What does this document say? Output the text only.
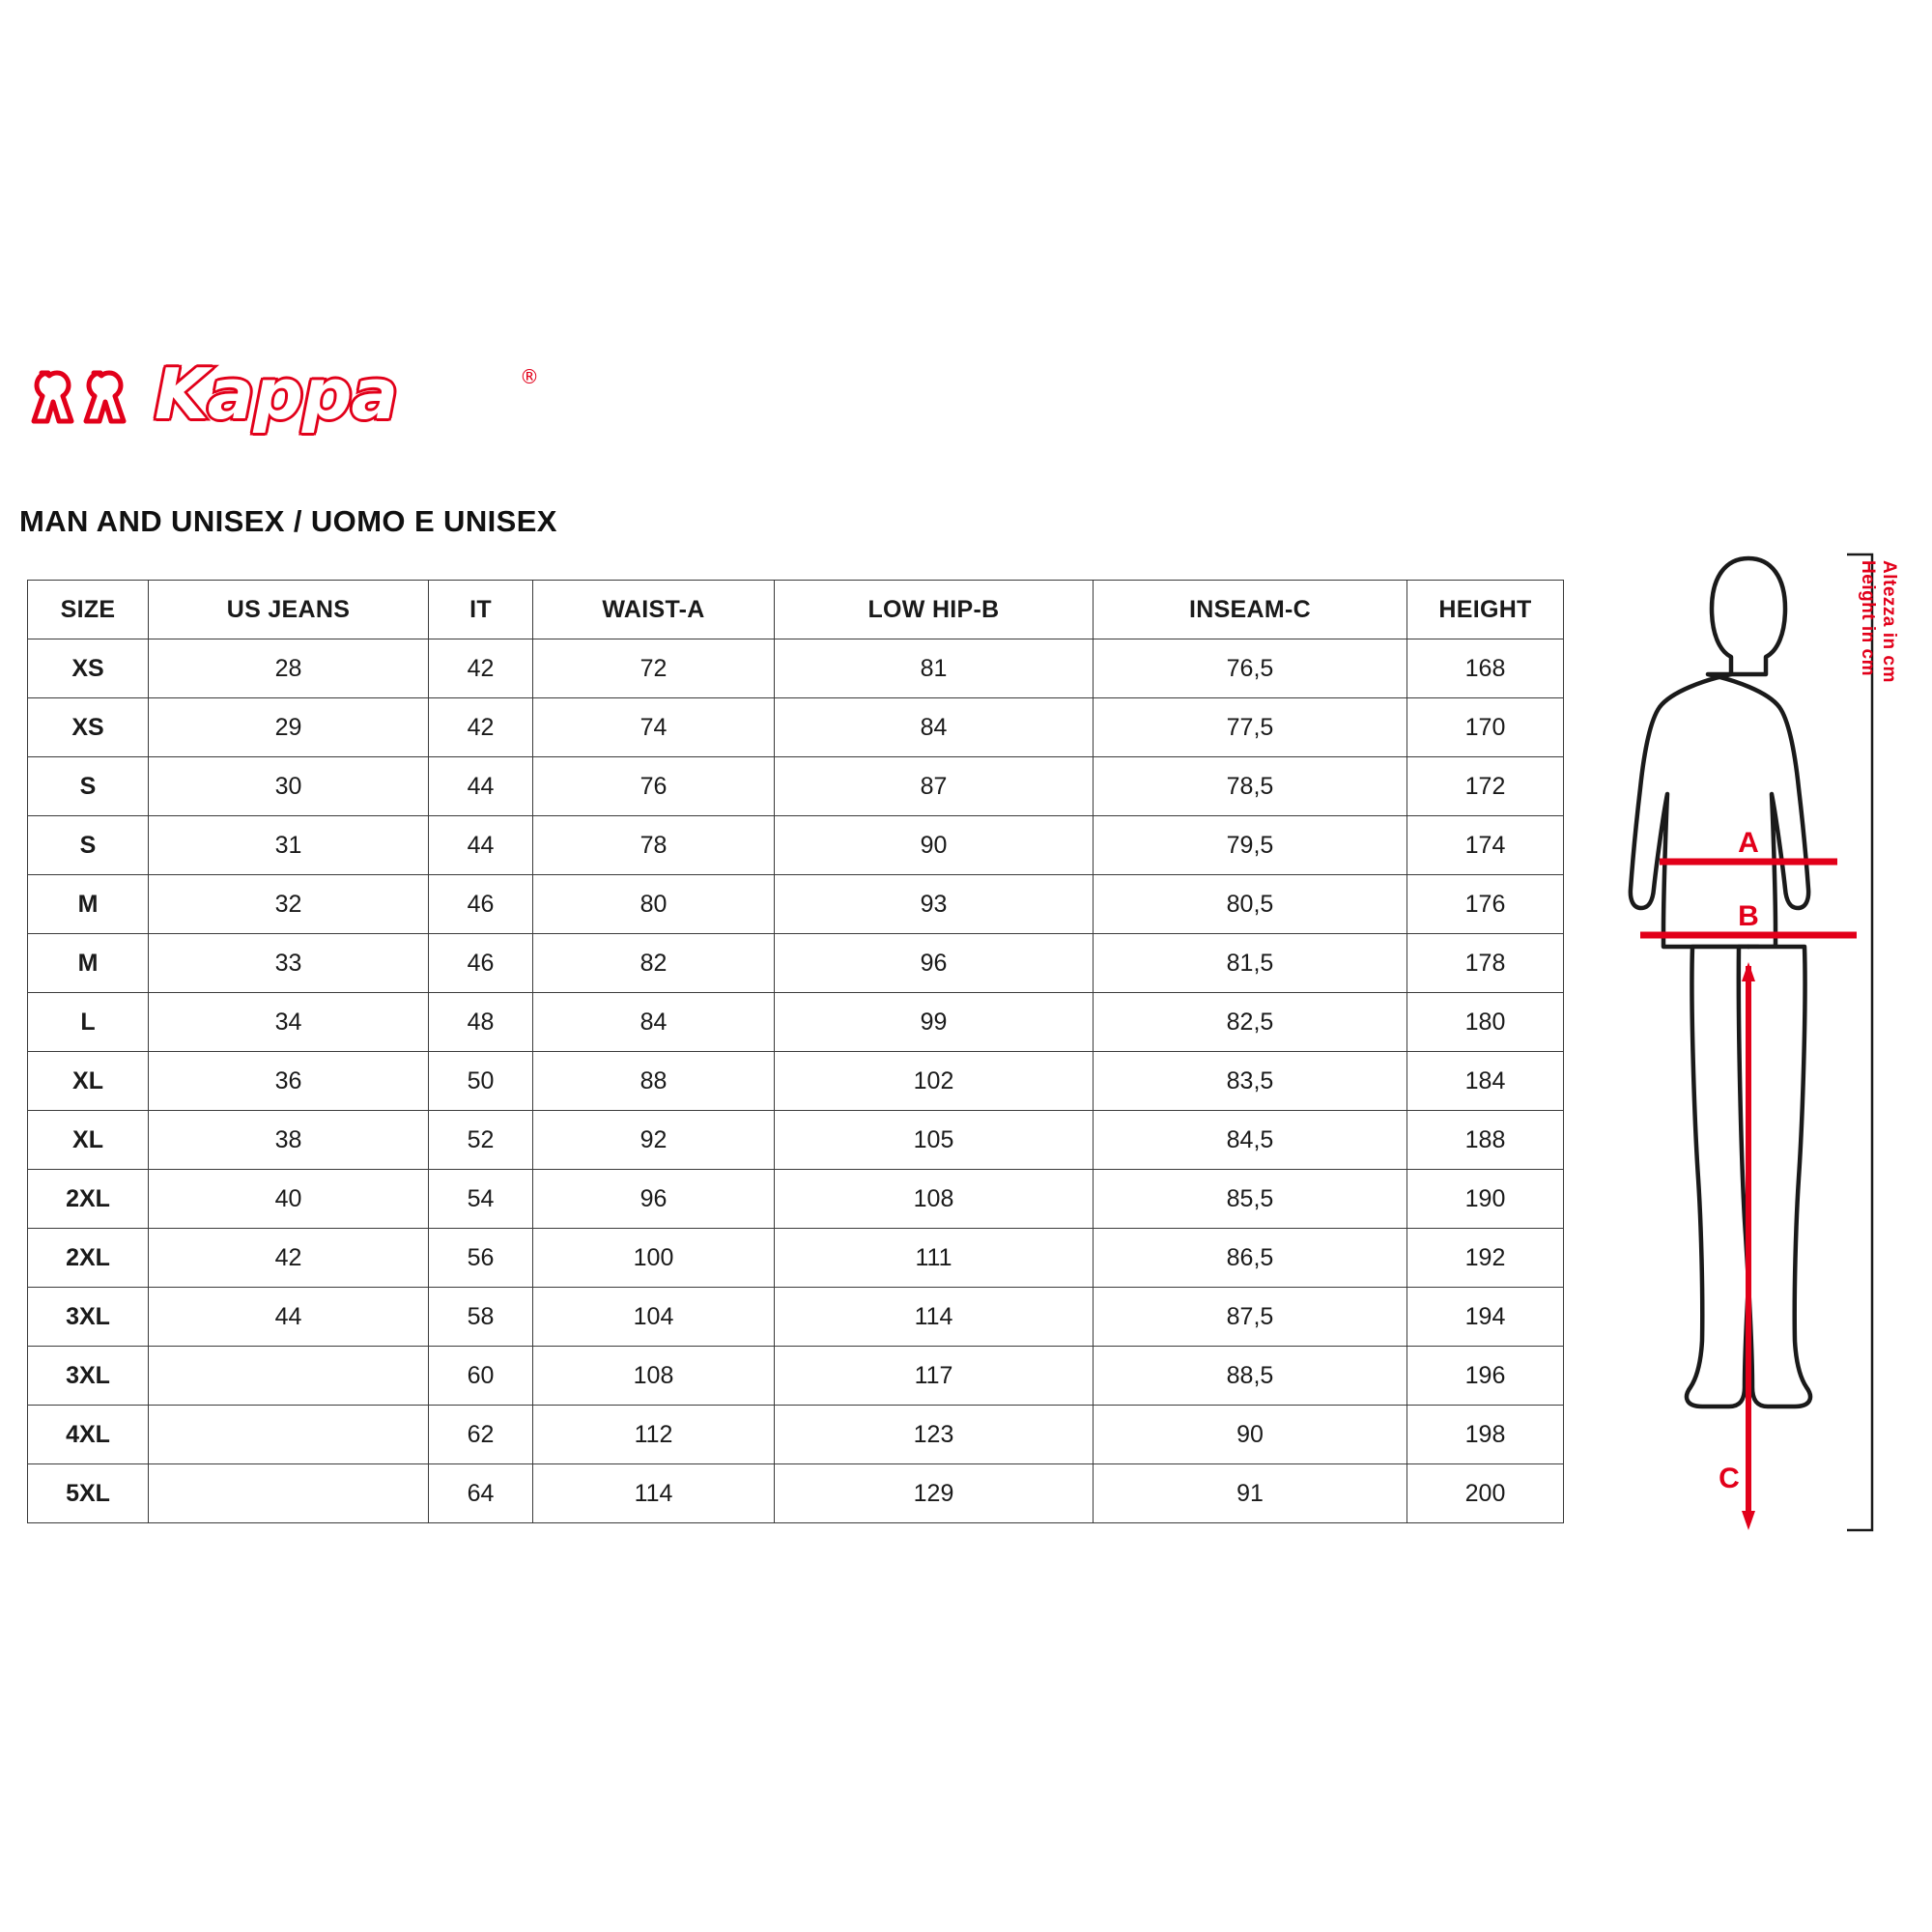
Kappa	®
MAN AND UNISEX / UOMO E UNISEX
SIZE	US JEANS	IT	WAIST-A	LOW HIP-B	INSEAM-C	HEIGHT
XS	28	42	72	81	76,5	168
XS	29	42	74	84	77,5	170
S	30	44	76	87	78,5	172
S	31	44	78	90	79,5	174
M	32	46	80	93	80,5	176
M	33	46	82	96	81,5	178
L	34	48	84	99	82,5	180
XL	36	50	88	102	83,5	184
XL	38	52	92	105	84,5	188
2XL	40	54	96	108	85,5	190
2XL	42	56	100	111	86,5	192
3XL	44	58	104	114	87,5	194
3XL		60	108	117	88,5	196
4XL		62	112	123	90	198
5XL		64	114	129	91	200
A
B
C
Height in cm Altezza in cm
